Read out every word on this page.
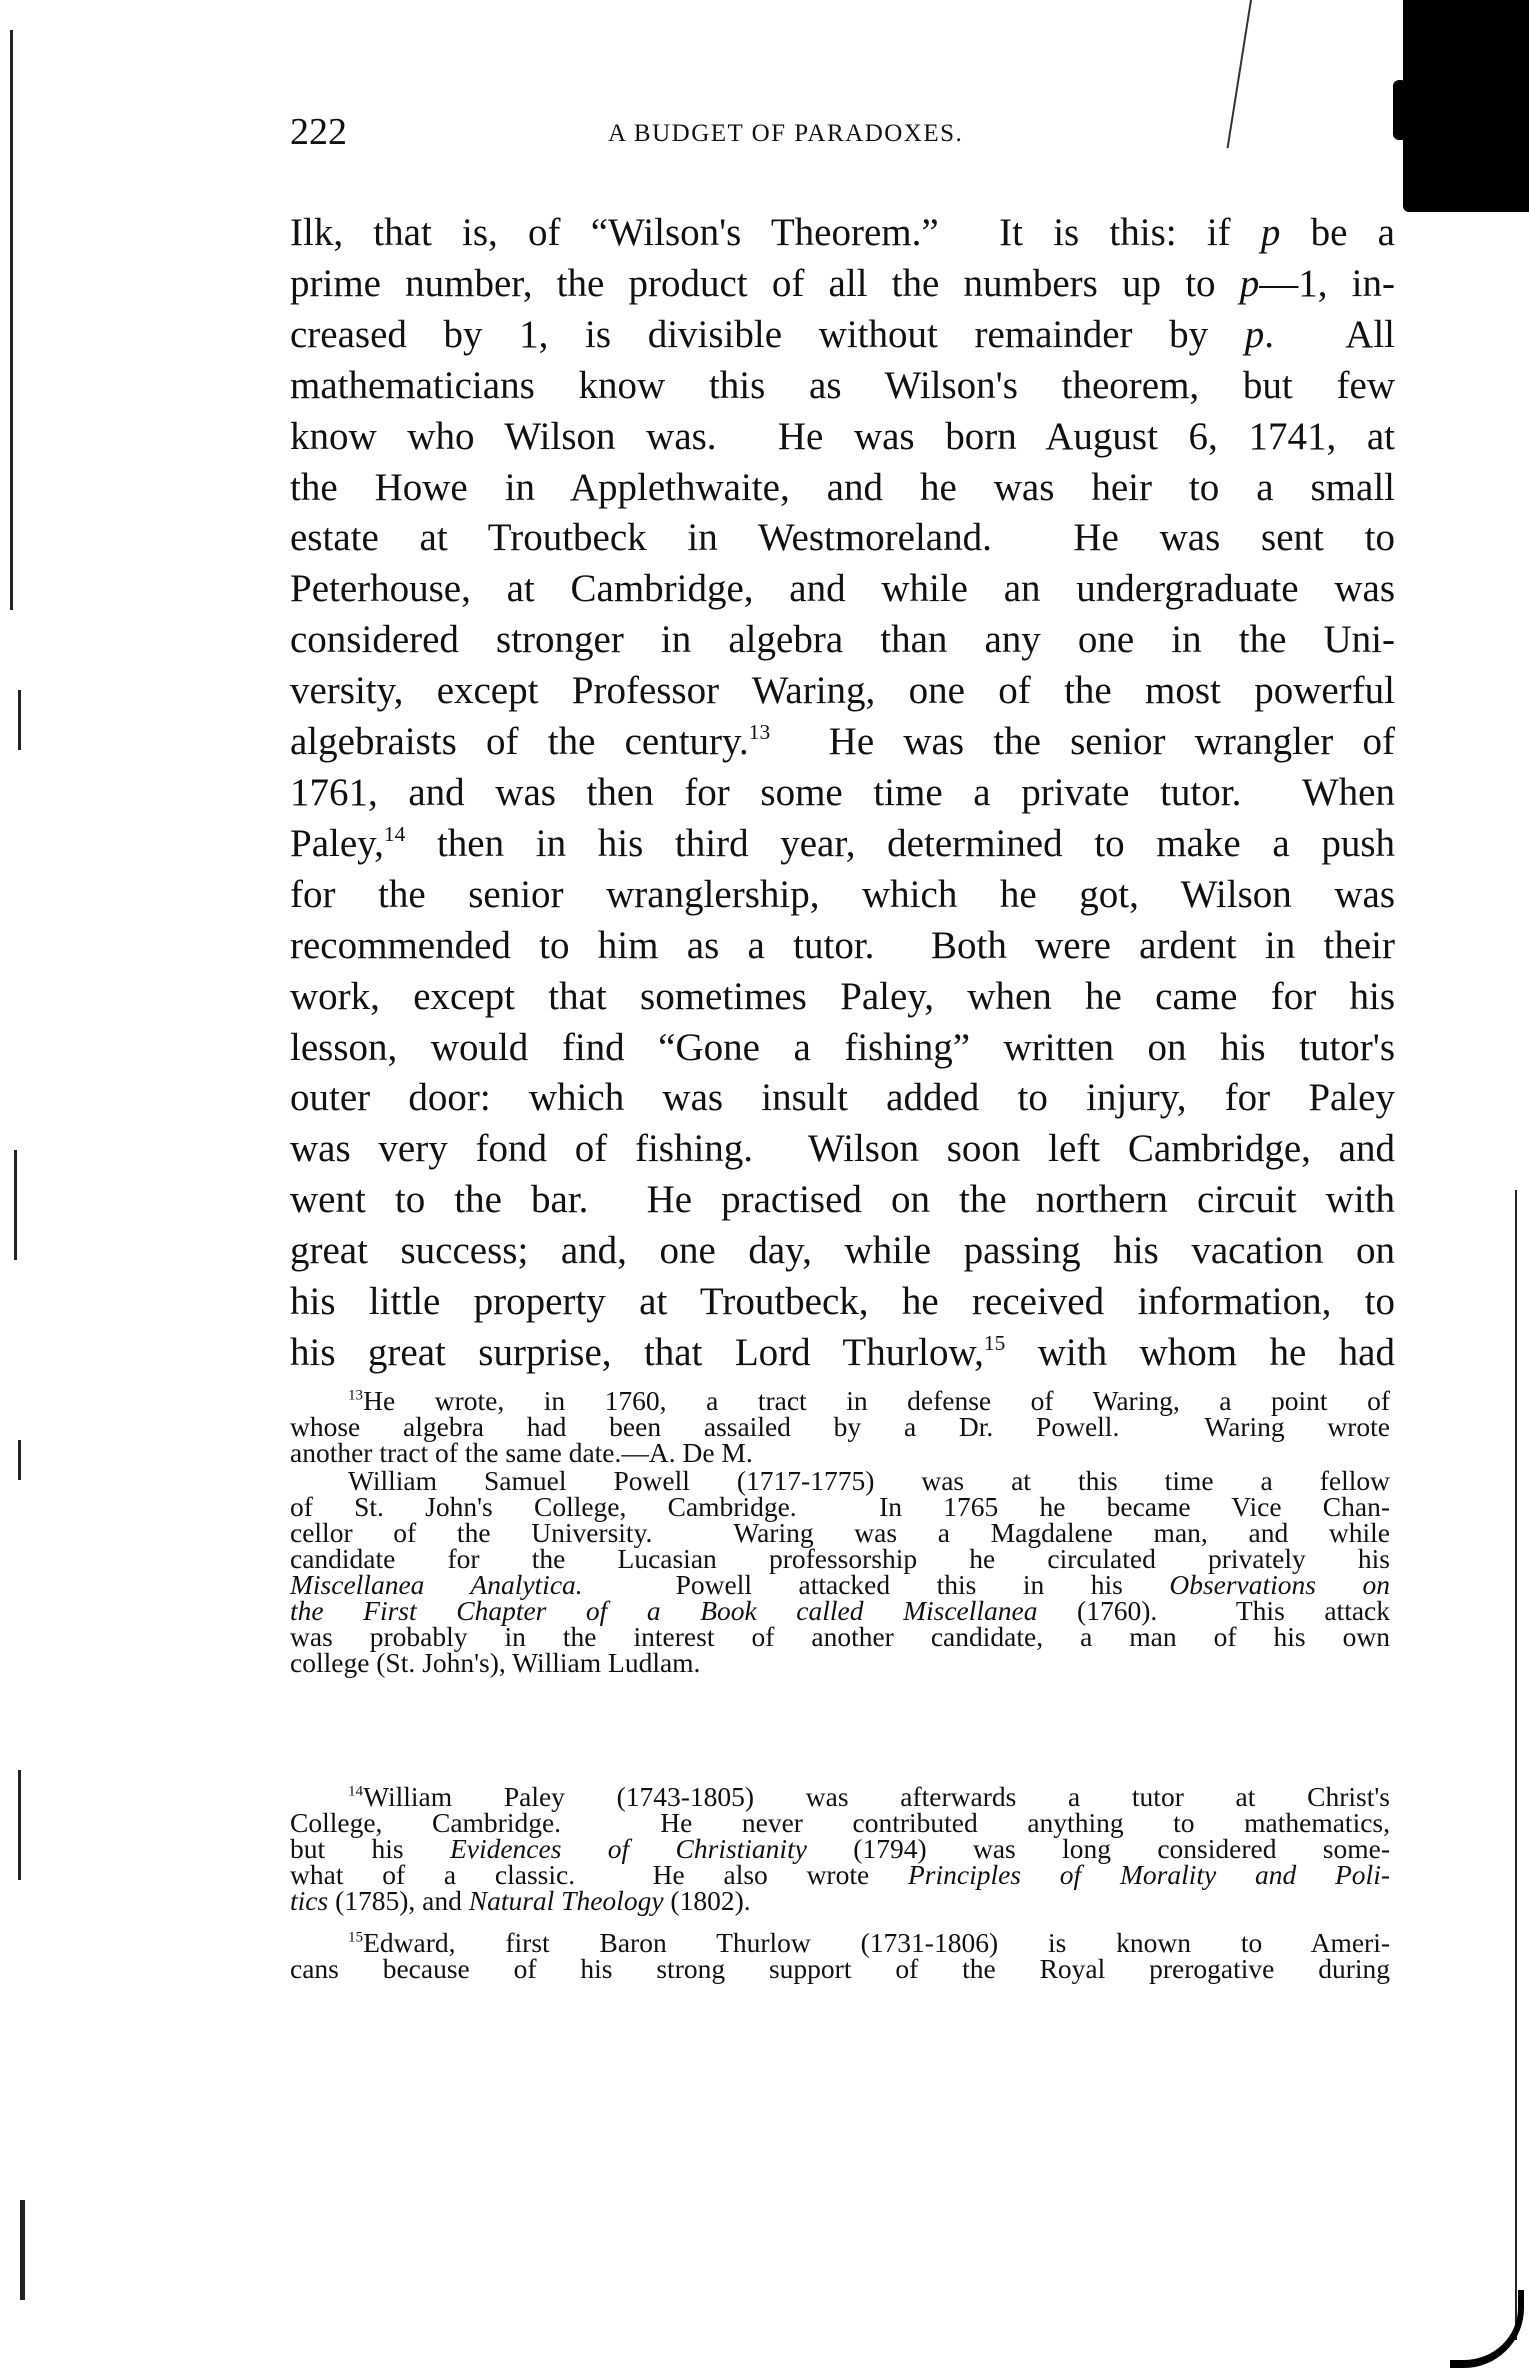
222	A BUDGET OF PARADOXES.
Ilk, that is, of “Wilson's Theorem.”  It is this: if p be a
prime number, the product of all the numbers up to p—1, in-
creased by 1, is divisible without remainder by p.  All
mathematicians know this as Wilson's theorem, but few
know who Wilson was.  He was born August 6, 1741, at
the Howe in Applethwaite, and he was heir to a small
estate at Troutbeck in Westmoreland.  He was sent to
Peterhouse, at Cambridge, and while an undergraduate was
considered stronger in algebra than any one in the Uni-
versity, except Professor Waring, one of the most powerful
algebraists of the century.$^{13}$  He was the senior wrangler of
1761, and was then for some time a private tutor.  When
Paley,$^{14}$ then in his third year, determined to make a push
for the senior wranglership, which he got, Wilson was
recommended to him as a tutor.  Both were ardent in their
work, except that sometimes Paley, when he came for his
lesson, would find “Gone a fishing” written on his tutor's
outer door: which was insult added to injury, for Paley
was very fond of fishing.  Wilson soon left Cambridge, and
went to the bar.  He practised on the northern circuit with
great success; and, one day, while passing his vacation on
his little property at Troutbeck, he received information, to
his great surprise, that Lord Thurlow,$^{15}$ with whom he had
$^{13}$He wrote, in 1760, a tract in defense of Waring, a point of
whose algebra had been assailed by a Dr. Powell.  Waring wrote
another tract of the same date.—A. De M.
William Samuel Powell (1717-1775) was at this time a fellow
of St. John's College, Cambridge.  In 1765 he became Vice Chan-
cellor of the University.  Waring was a Magdalene man, and while
candidate for the Lucasian professorship he circulated privately his
Miscellanea Analytica.  Powell attacked this in his Observations on
the First Chapter of a Book called Miscellanea (1760).  This attack
was probably in the interest of another candidate, a man of his own
college (St. John's), William Ludlam.
$^{14}$William Paley (1743-1805) was afterwards a tutor at Christ's
College, Cambridge.  He never contributed anything to mathematics,
but his Evidences of Christianity (1794) was long considered some-
what of a classic.  He also wrote Principles of Morality and Poli-
tics (1785), and Natural Theology (1802).
$^{15}$Edward, first Baron Thurlow (1731-1806) is known to Ameri-
cans because of his strong support of the Royal prerogative during
